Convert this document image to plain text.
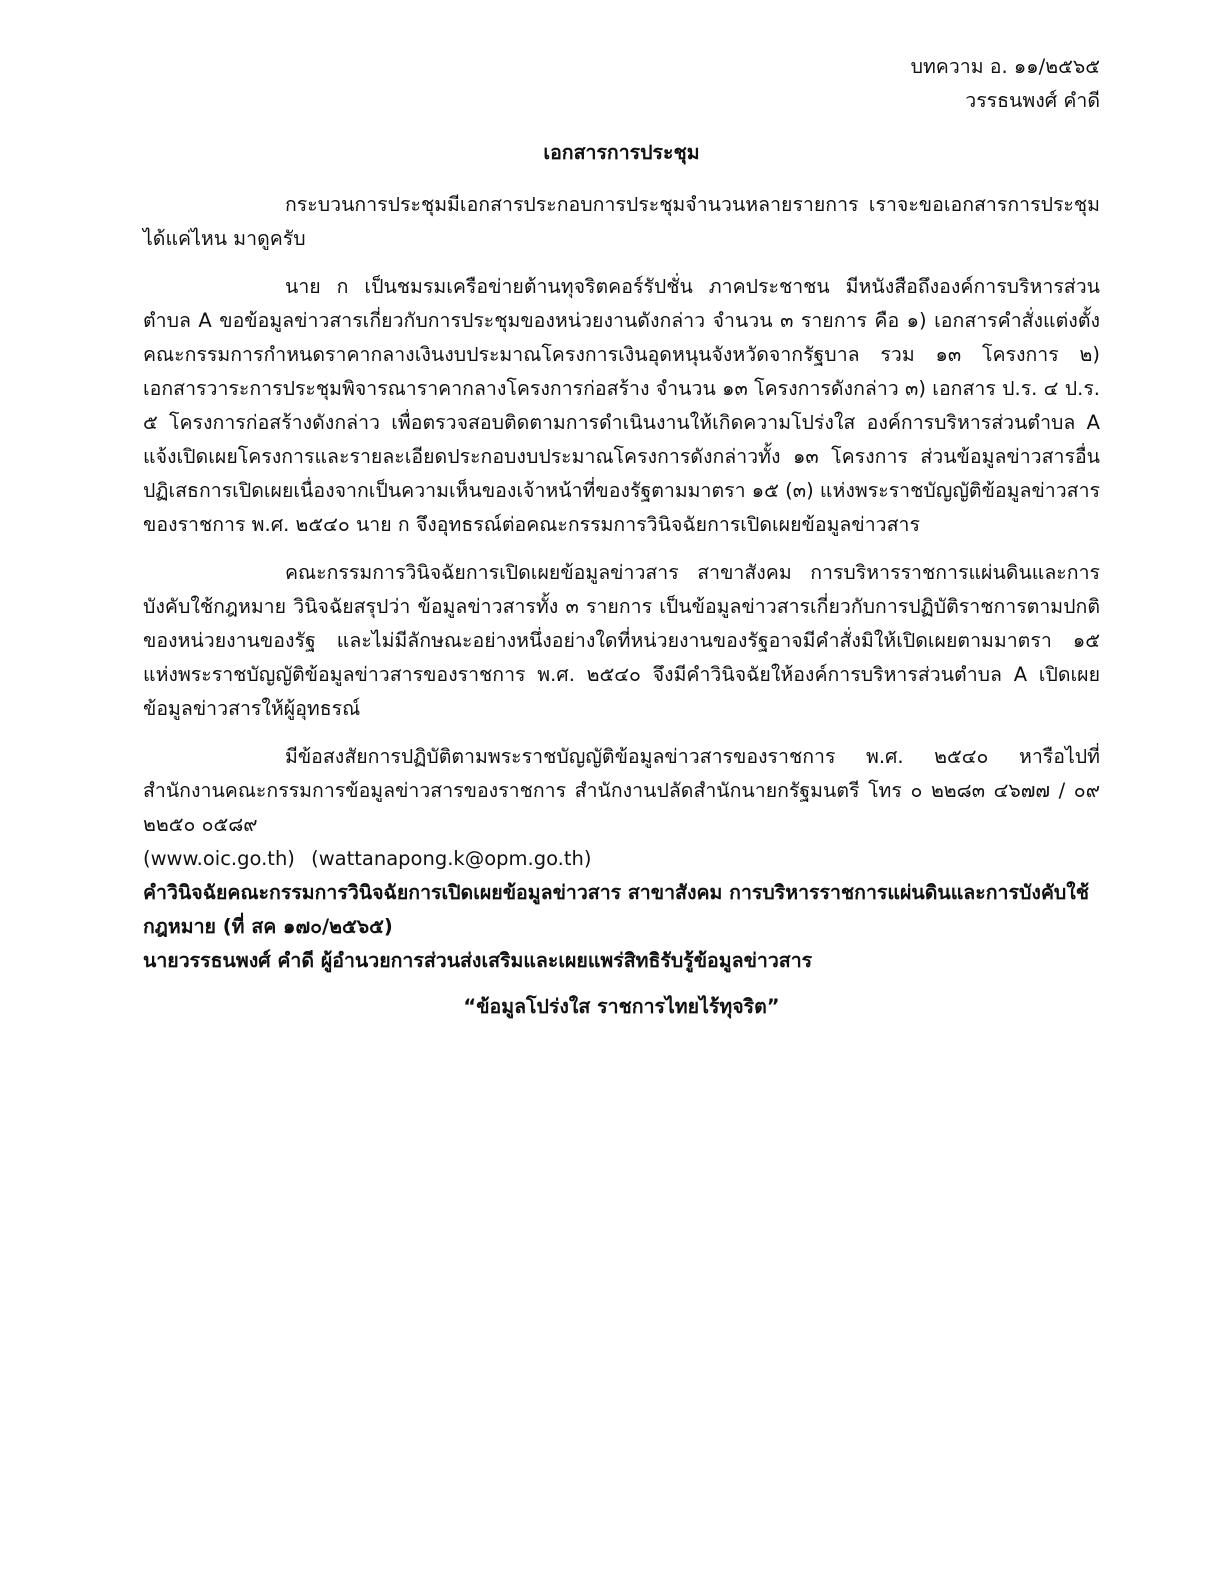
บทความ อ. ๑๑/๒๕๖๕
วรรธนพงศ์ คำดี
เอกสารการประชุม

กระบวนการประชุมมีเอกสารประกอบการประชุมจำนวนหลายรายการ เราจะขอเอกสารการประชุมได้แค่ไหน มาดูครับ

นาย ก เป็นชมรมเครือข่ายต้านทุจริตคอร์รัปชั่น ภาคประชาชน มีหนังสือถึงองค์การบริหารส่วนตำบล A ขอข้อมูลข่าวสารเกี่ยวกับการประชุมของหน่วยงานดังกล่าว จำนวน ๓ รายการ คือ ๑) เอกสารคำสั่งแต่งตั้งคณะกรรมการกำหนดราคากลางเงินงบประมาณโครงการเงินอุดหนุนจังหวัดจากรัฐบาล รวม ๑๓ โครงการ ๒) เอกสารวาระการประชุมพิจารณาราคากลางโครงการก่อสร้าง จำนวน ๑๓ โครงการดังกล่าว ๓) เอกสาร ป.ร. ๔ ป.ร. ๕ โครงการก่อสร้างดังกล่าว เพื่อตรวจสอบติดตามการดำเนินงานให้เกิดความโปร่งใส องค์การบริหารส่วนตำบล A แจ้งเปิดเผยโครงการและรายละเอียดประกอบงบประมาณโครงการดังกล่าวทั้ง ๑๓ โครงการ ส่วนข้อมูลข่าวสารอื่นปฏิเสธการเปิดเผยเนื่องจากเป็นความเห็นของเจ้าหน้าที่ของรัฐตามมาตรา ๑๕ (๓) แห่งพระราชบัญญัติข้อมูลข่าวสารของราชการ พ.ศ. ๒๕๔๐ นาย ก จึงอุทธรณ์ต่อคณะกรรมการวินิจฉัยการเปิดเผยข้อมูลข่าวสาร

คณะกรรมการวินิจฉัยการเปิดเผยข้อมูลข่าวสาร สาขาสังคม การบริหารราชการแผ่นดินและการบังคับใช้กฎหมาย วินิจฉัยสรุปว่า ข้อมูลข่าวสารทั้ง ๓ รายการ เป็นข้อมูลข่าวสารเกี่ยวกับการปฏิบัติราชการตามปกติของหน่วยงานของรัฐ และไม่มีลักษณะอย่างหนึ่งอย่างใดที่หน่วยงานของรัฐอาจมีคำสั่งมิให้เปิดเผยตามมาตรา ๑๕ แห่งพระราชบัญญัติข้อมูลข่าวสารของราชการ พ.ศ. ๒๕๔๐ จึงมีคำวินิจฉัยให้องค์การบริหารส่วนตำบล A เปิดเผยข้อมูลข่าวสารให้ผู้อุทธรณ์

มีข้อสงสัยการปฏิบัติตามพระราชบัญญัติข้อมูลข่าวสารของราชการ พ.ศ. ๒๕๔๐ หารือไปที่สำนักงานคณะกรรมการข้อมูลข่าวสารของราชการ สำนักงานปลัดสำนักนายกรัฐมนตรี โทร ๐ ๒๒๘๓ ๔๖๗๗ / ๐๙ ๒๒๕๐ ๐๕๘๙

(www.oic.go.th) (wattanapong.k@opm.go.th)

คำวินิจฉัยคณะกรรมการวินิจฉัยการเปิดเผยข้อมูลข่าวสาร สาขาสังคม การบริหารราชการแผ่นดินและการบังคับใช้กฎหมาย (ที่ สค ๑๗๐/๒๕๖๕)

นายวรรธนพงศ์ คำดี ผู้อำนวยการส่วนส่งเสริมและเผยแพร่สิทธิรับรู้ข้อมูลข่าวสาร

“ข้อมูลโปร่งใส ราชการไทยไร้ทุจริต”
